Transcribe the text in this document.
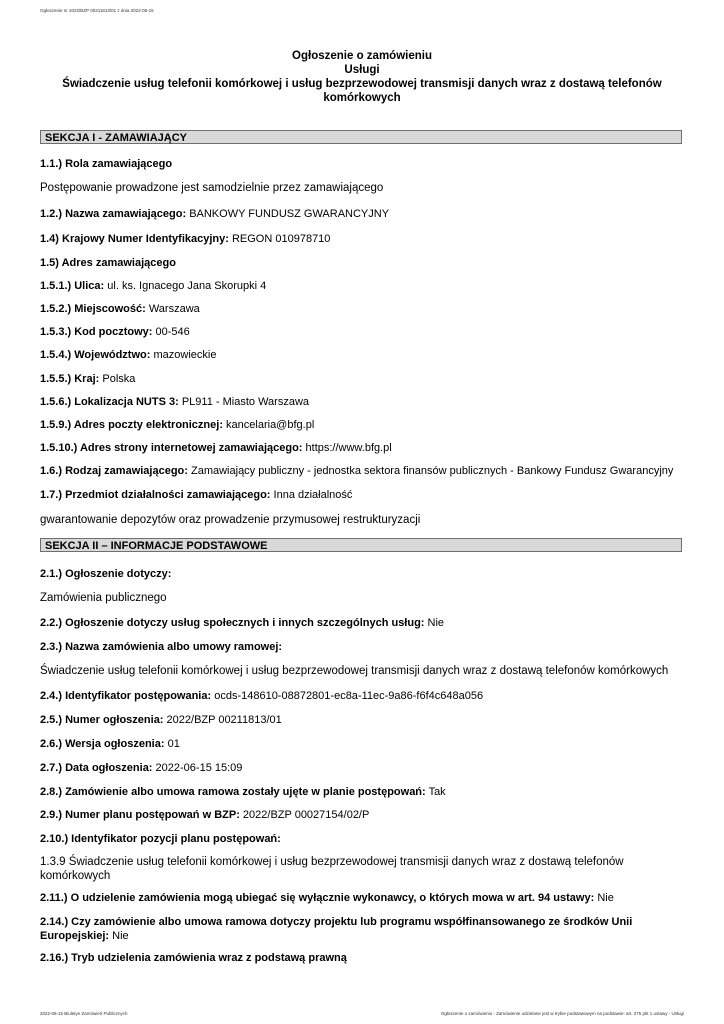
Ogłoszenie nr 2022/BZP 00211813/01 z dnia 2022-06-15
Ogłoszenie o zamówieniu
Usługi
Świadczenie usług telefonii komórkowej i usług bezprzewodowej transmisji danych wraz z dostawą telefonów komórkowych
SEKCJA I - ZAMAWIAJĄCY
1.1.) Rola zamawiającego
Postępowanie prowadzone jest samodzielnie przez zamawiającego
1.2.) Nazwa zamawiającego: BANKOWY FUNDUSZ GWARANCYJNY
1.4) Krajowy Numer Identyfikacyjny: REGON 010978710
1.5) Adres zamawiającego
1.5.1.) Ulica: ul. ks. Ignacego Jana Skorupki 4
1.5.2.) Miejscowość: Warszawa
1.5.3.) Kod pocztowy: 00-546
1.5.4.) Województwo: mazowieckie
1.5.5.) Kraj: Polska
1.5.6.) Lokalizacja NUTS 3: PL911 - Miasto Warszawa
1.5.9.) Adres poczty elektronicznej: kancelaria@bfg.pl
1.5.10.) Adres strony internetowej zamawiającego: https://www.bfg.pl
1.6.) Rodzaj zamawiającego: Zamawiający publiczny - jednostka sektora finansów publicznych - Bankowy Fundusz Gwarancyjny
1.7.) Przedmiot działalności zamawiającego: Inna działalność
gwarantowanie depozytów oraz prowadzenie przymusowej restrukturyzacji
SEKCJA II – INFORMACJE PODSTAWOWE
2.1.) Ogłoszenie dotyczy:
Zamówienia publicznego
2.2.) Ogłoszenie dotyczy usług społecznych i innych szczególnych usług: Nie
2.3.) Nazwa zamówienia albo umowy ramowej:
Świadczenie usług telefonii komórkowej i usług bezprzewodowej transmisji danych wraz z dostawą telefonów komórkowych
2.4.) Identyfikator postępowania: ocds-148610-08872801-ec8a-11ec-9a86-f6f4c648a056
2.5.) Numer ogłoszenia: 2022/BZP 00211813/01
2.6.) Wersja ogłoszenia: 01
2.7.) Data ogłoszenia: 2022-06-15 15:09
2.8.) Zamówienie albo umowa ramowa zostały ujęte w planie postępowań: Tak
2.9.) Numer planu postępowań w BZP: 2022/BZP 00027154/02/P
2.10.) Identyfikator pozycji planu postępowań:
1.3.9 Świadczenie usług telefonii komórkowej i usług bezprzewodowej transmisji danych wraz z dostawą telefonów komórkowych
2.11.) O udzielenie zamówienia mogą ubiegać się wyłącznie wykonawcy, o których mowa w art. 94 ustawy: Nie
2.14.) Czy zamówienie albo umowa ramowa dotyczy projektu lub programu współfinansowanego ze środków Unii Europejskiej: Nie
2.16.) Tryb udzielenia zamówienia wraz z podstawą prawną
2022-06-15 Biuletyn Zamówień Publicznych	Ogłoszenie o zamówieniu - Zamówienie udzielane jest w trybie podstawowym na podstawie: art. 275 pkt 1 ustawy - Usługi
